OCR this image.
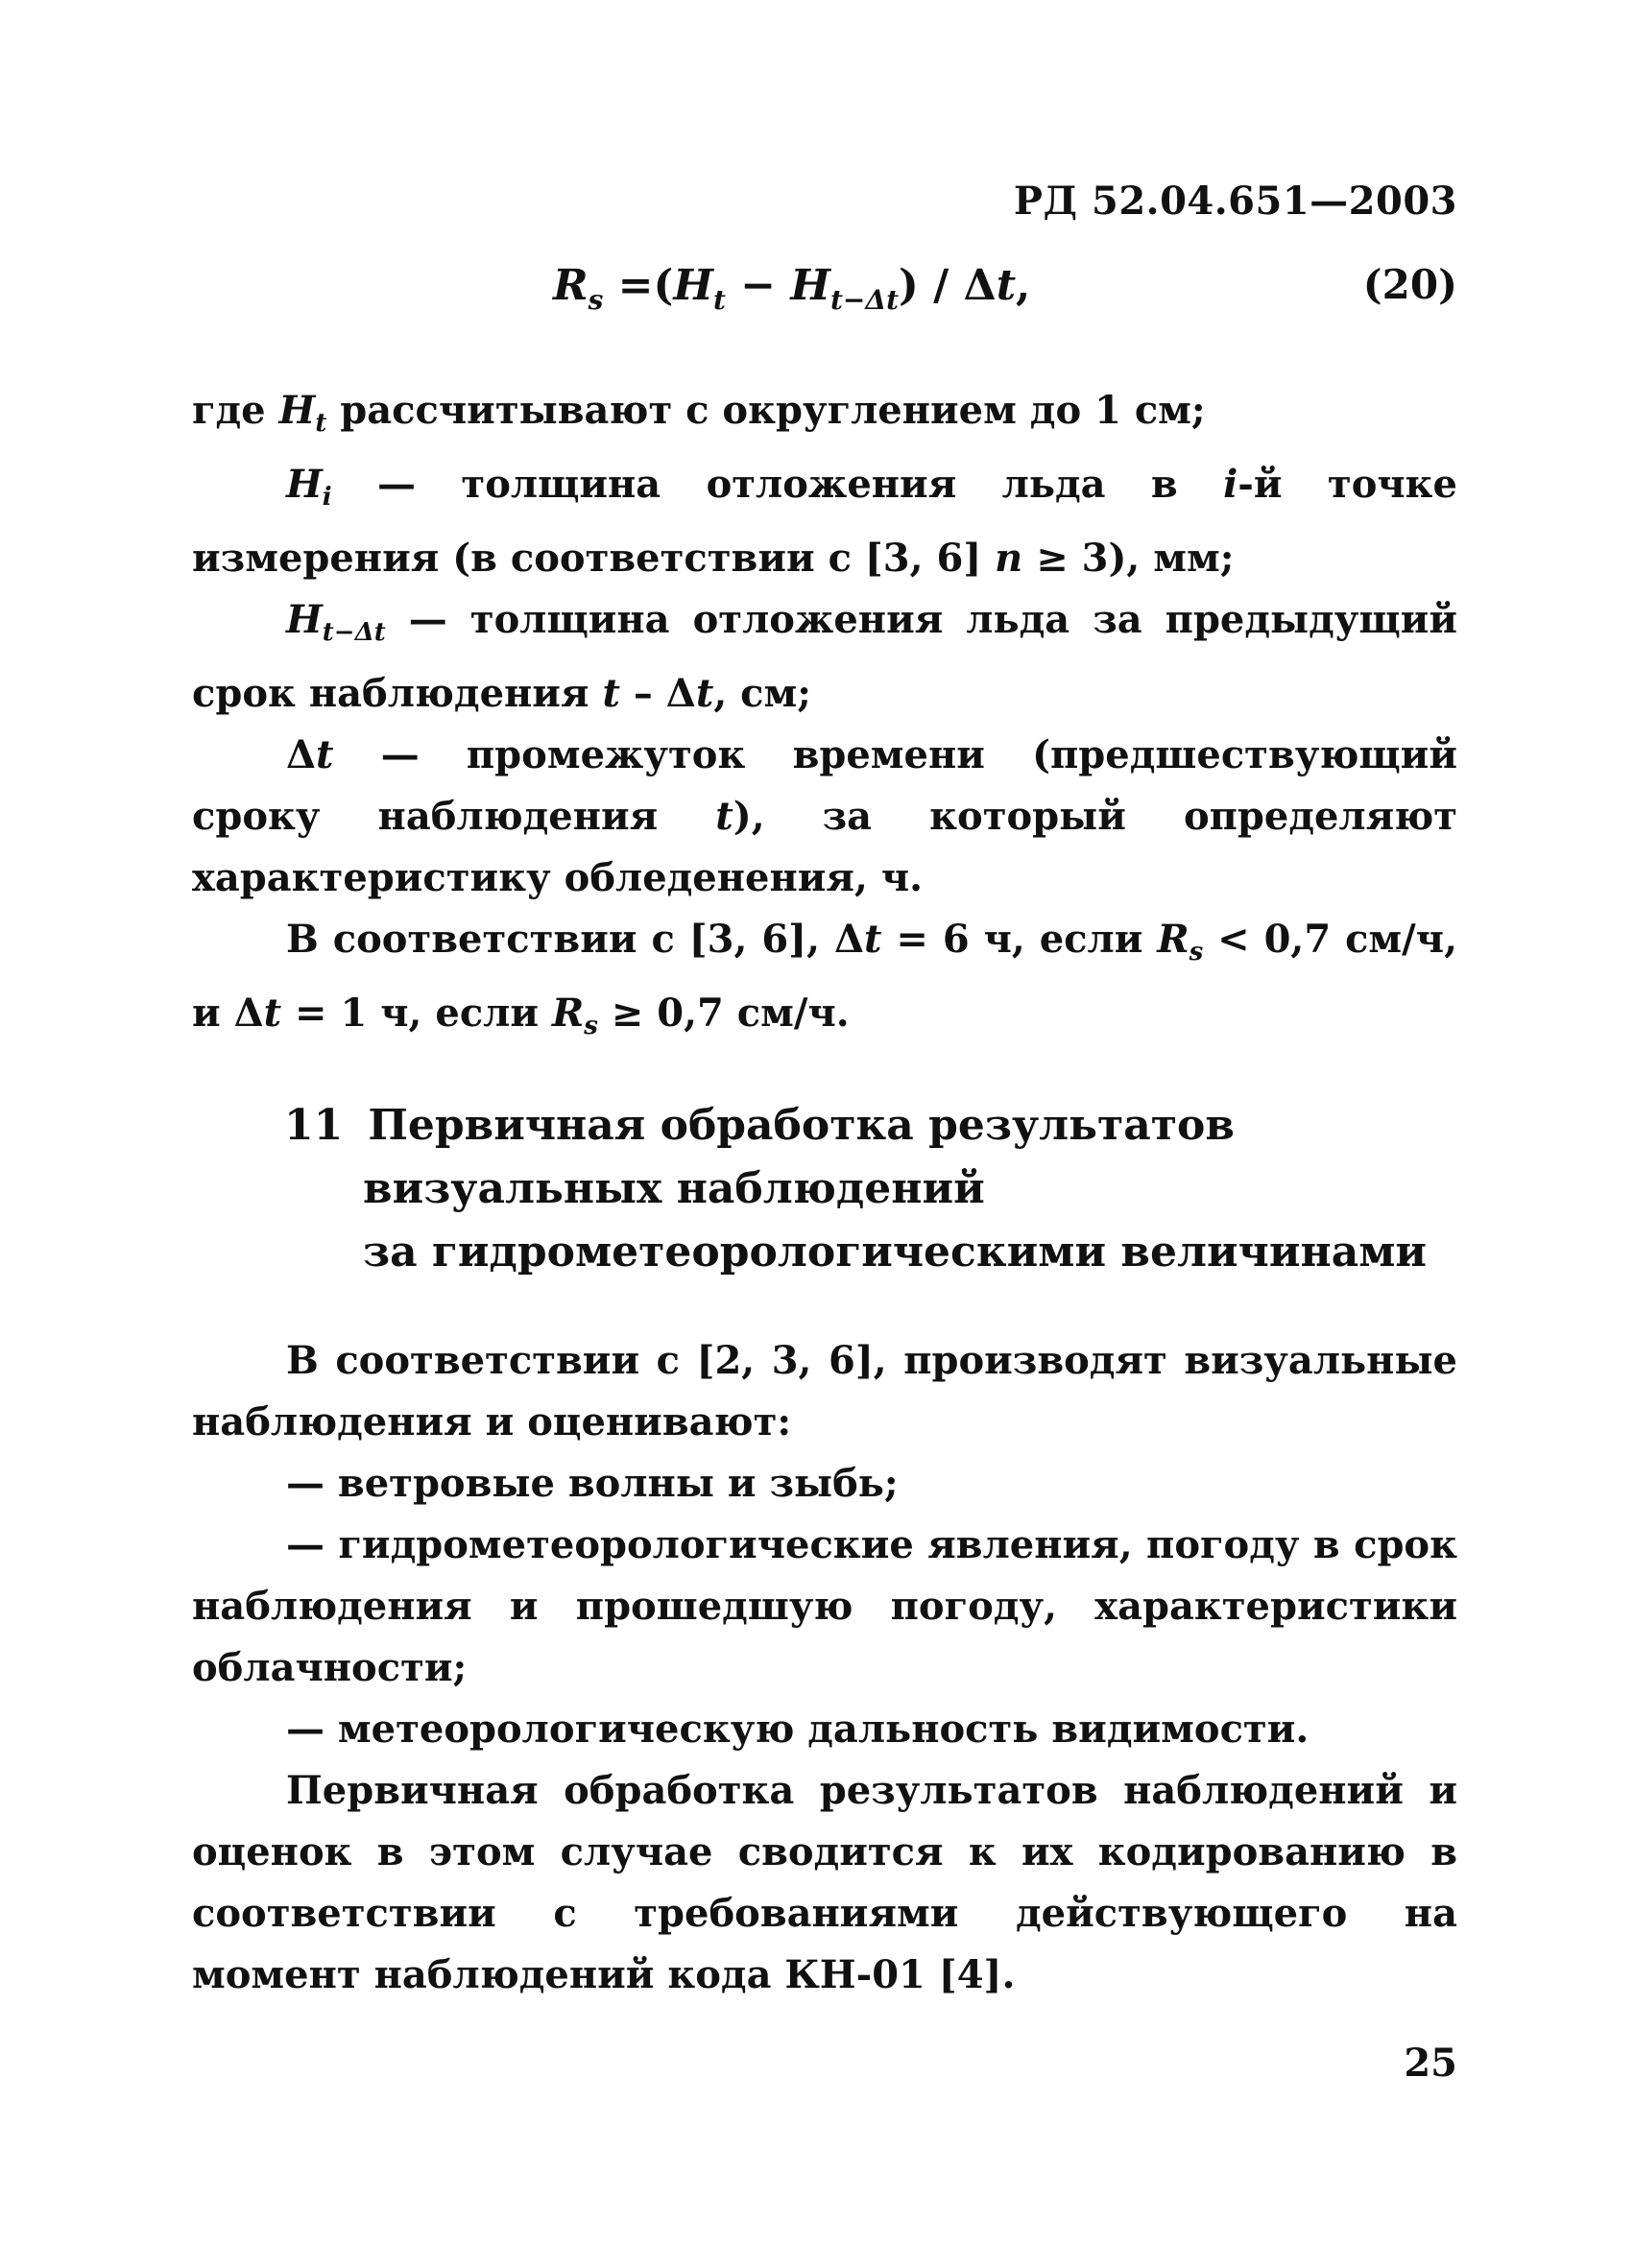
РД 52.04.651—2003
$R_s =(H_t - H_{t-\Delta t}) / \Delta t$,	(20)

где $H_t$ рассчитывают с округлением до 1 см;

$H_i$ — толщина отложения льда в i-й точке измерения (в соответствии с [3, 6] n ≥ 3), мм;

$H_{t-\Delta t}$ — толщина отложения льда за предыдущий срок наблюдения t – Δt, см;

Δt — промежуток времени (предшествующий сроку наблюдения t), за который определяют характеристику обледенения, ч.

В соответствии с [3, 6], Δt = 6 ч, если $R_s < 0,7$ см/ч, и Δt = 1 ч, если $R_s \ge 0,7$ см/ч.

11 Первичная обработка результатов
визуальных наблюдений
за гидрометеорологическими величинами

В соответствии с [2, 3, 6], производят визуальные наблюдения и оценивают:

— ветровые волны и зыбь;

— гидрометеорологические явления, погоду в срок наблюдения и прошедшую погоду, характеристики облачности;

— метеорологическую дальность видимости.

Первичная обработка результатов наблюдений и оценок в этом случае сводится к их кодированию в соответствии с требованиями действующего на момент наблюдений кода КН-01 [4].

25
